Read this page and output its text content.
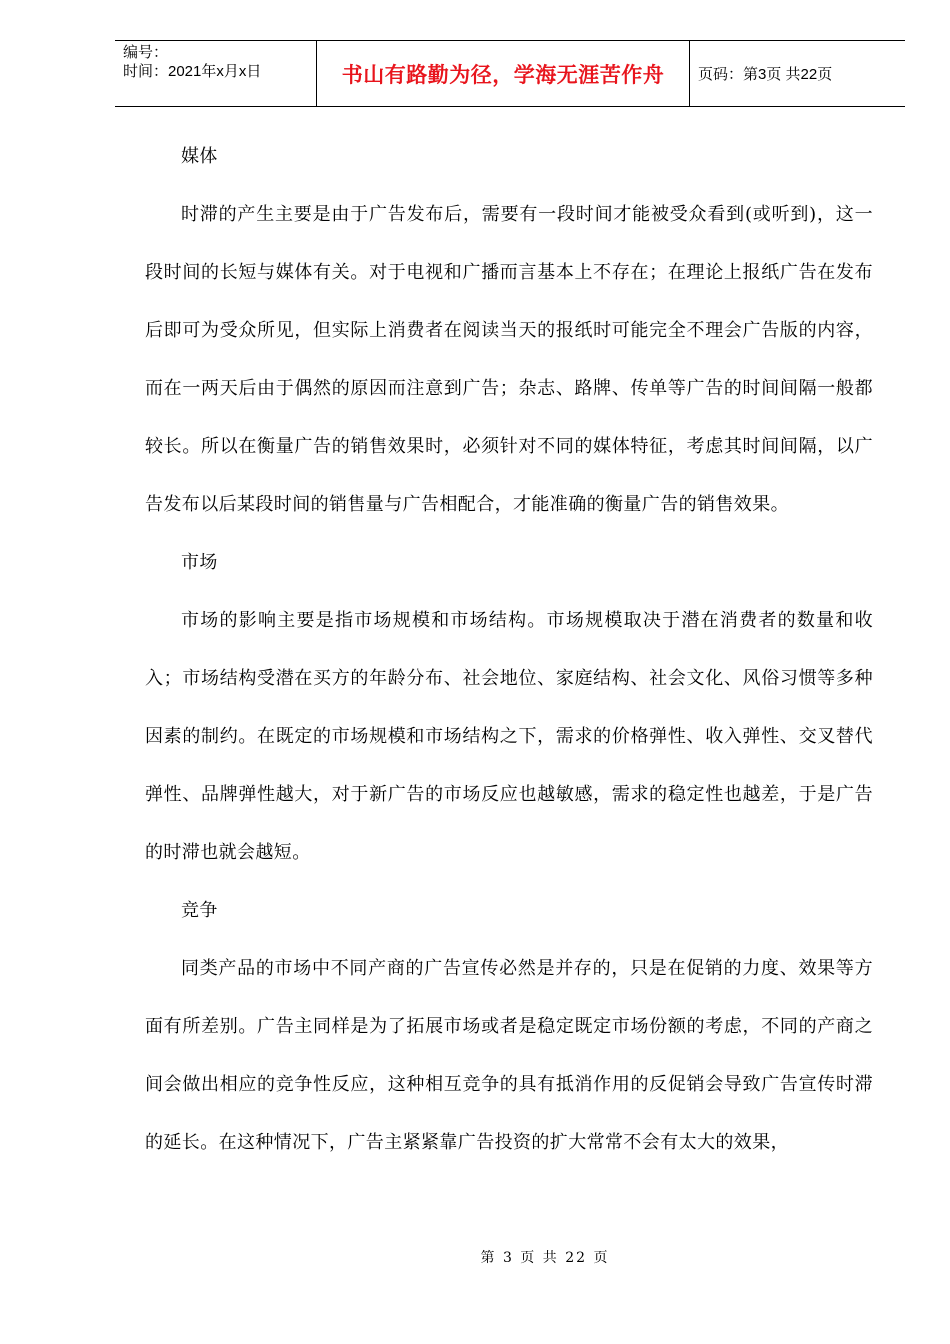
编号：
时间：2021年x月x日	书山有路勤为径，学海无涯苦作舟 页码：第3页 共22页

媒体

时滞的产生主要是由于广告发布后，需要有一段时间才能被受众看到(或听到)，这一段时间的长短与媒体有关。对于电视和广播而言基本上不存在；在理论上报纸广告在发布后即可为受众所见，但实际上消费者在阅读当天的报纸时可能完全不理会广告版的内容，而在一两天后由于偶然的原因而注意到广告；杂志、路牌、传单等广告的时间间隔一般都较长。所以在衡量广告的销售效果时，必须针对不同的媒体特征，考虑其时间间隔，以广告发布以后某段时间的销售量与广告相配合，才能准确的衡量广告的销售效果。

市场

市场的影响主要是指市场规模和市场结构。市场规模取决于潜在消费者的数量和收入；市场结构受潜在买方的年龄分布、社会地位、家庭结构、社会文化、风俗习惯等多种因素的制约。在既定的市场规模和市场结构之下，需求的价格弹性、收入弹性、交叉替代弹性、品牌弹性越大，对于新广告的市场反应也越敏感，需求的稳定性也越差，于是广告的时滞也就会越短。

竞争

同类产品的市场中不同产商的广告宣传必然是并存的，只是在促销的力度、效果等方面有所差别。广告主同样是为了拓展市场或者是稳定既定市场份额的考虑，不同的产商之间会做出相应的竞争性反应，这种相互竞争的具有抵消作用的反促销会导致广告宣传时滞的延长。在这种情况下，广告主紧紧靠广告投资的扩大常常不会有太大的效果，

第 3 页 共 22 页
